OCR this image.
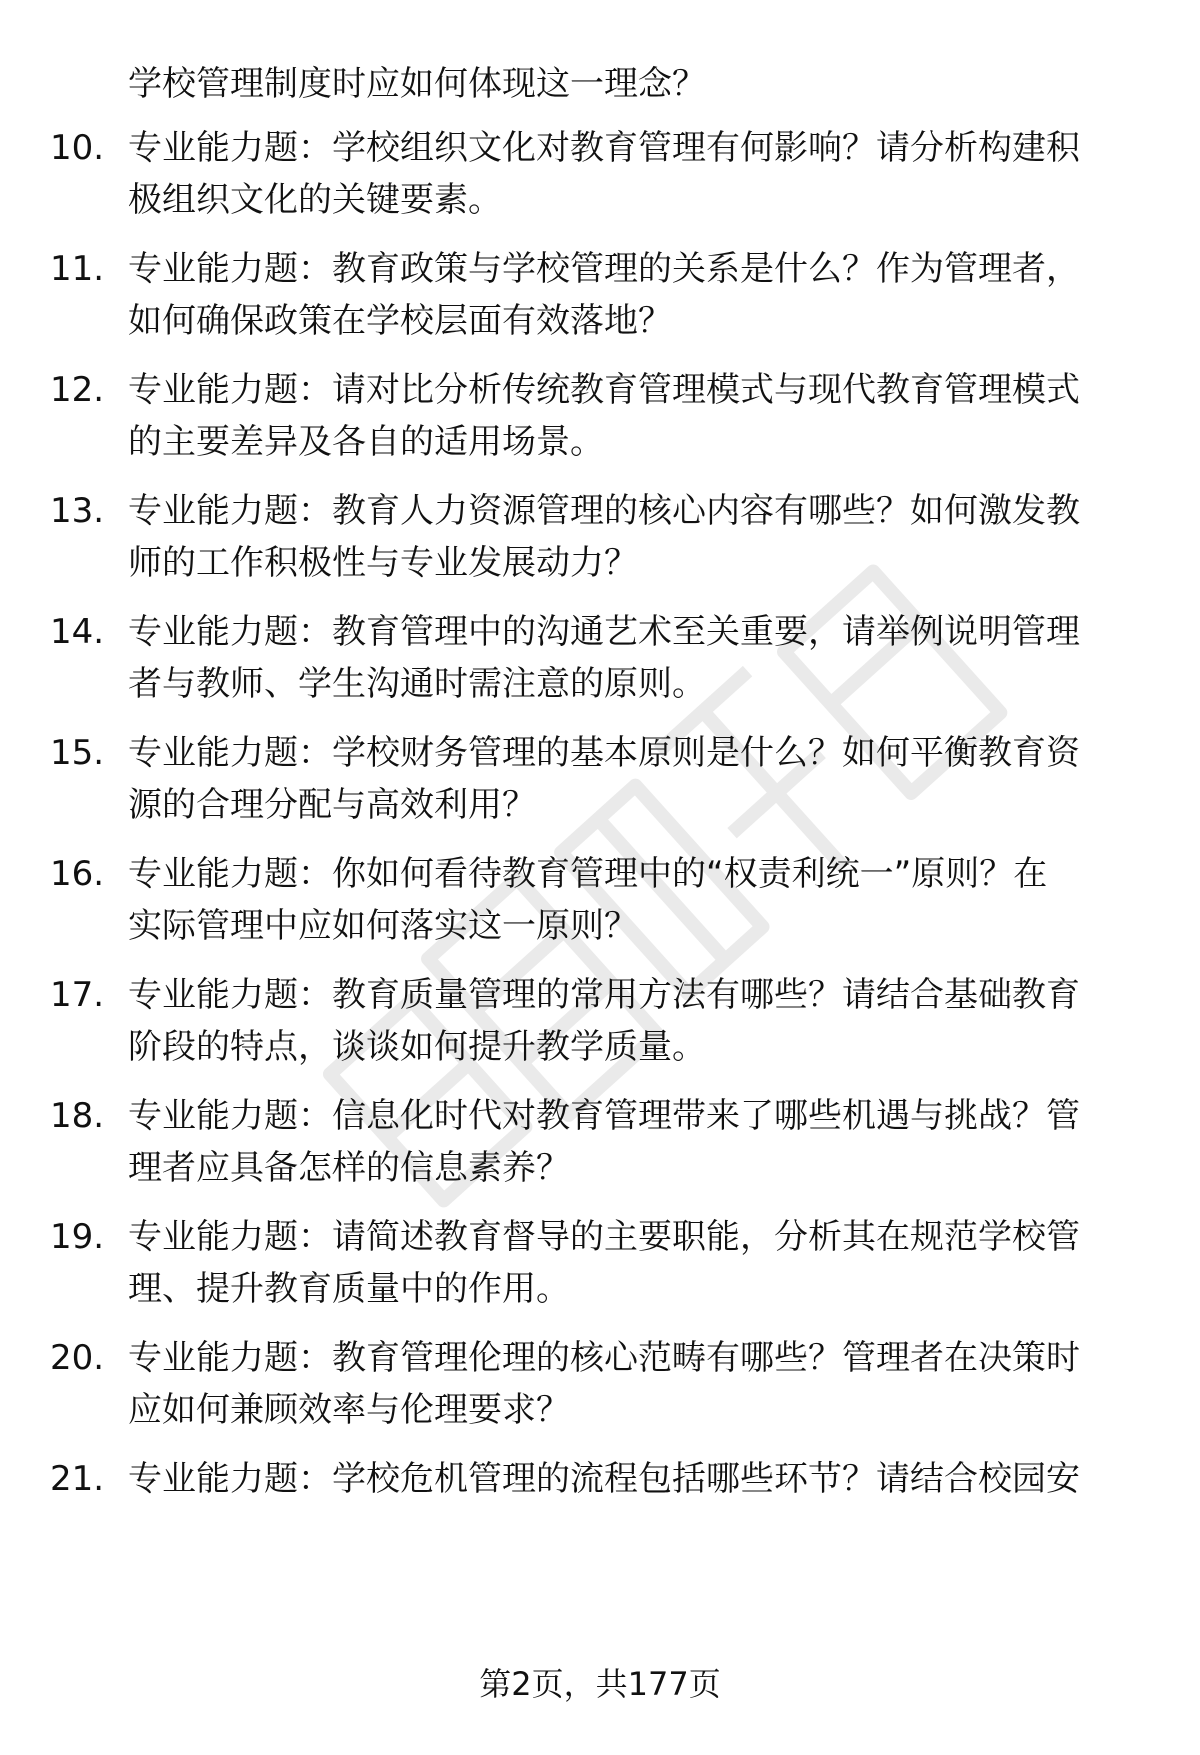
学校管理制度时应如何体现这一理念？
10. 专业能力题：学校组织文化对教育管理有何影响？请分析构建积
极组织文化的关键要素。
11. 专业能力题：教育政策与学校管理的关系是什么？作为管理者，
如何确保政策在学校层面有效落地？
12. 专业能力题：请对比分析传统教育管理模式与现代教育管理模式
的主要差异及各自的适用场景。
13. 专业能力题：教育人力资源管理的核心内容有哪些？如何激发教
师的工作积极性与专业发展动力？
14. 专业能力题：教育管理中的沟通艺术至关重要，请举例说明管理
者与教师、学生沟通时需注意的原则。
15. 专业能力题：学校财务管理的基本原则是什么？如何平衡教育资
源的合理分配与高效利用？
16. 专业能力题：你如何看待教育管理中的“权责利统一”原则？在
实际管理中应如何落实这一原则？
17. 专业能力题：教育质量管理的常用方法有哪些？请结合基础教育
阶段的特点，谈谈如何提升教学质量。
18. 专业能力题：信息化时代对教育管理带来了哪些机遇与挑战？管
理者应具备怎样的信息素养？
19. 专业能力题：请简述教育督导的主要职能，分析其在规范学校管
理、提升教育质量中的作用。
20. 专业能力题：教育管理伦理的核心范畴有哪些？管理者在决策时
应如何兼顾效率与伦理要求？
21. 专业能力题：学校危机管理的流程包括哪些环节？请结合校园安
第2页，共177页
